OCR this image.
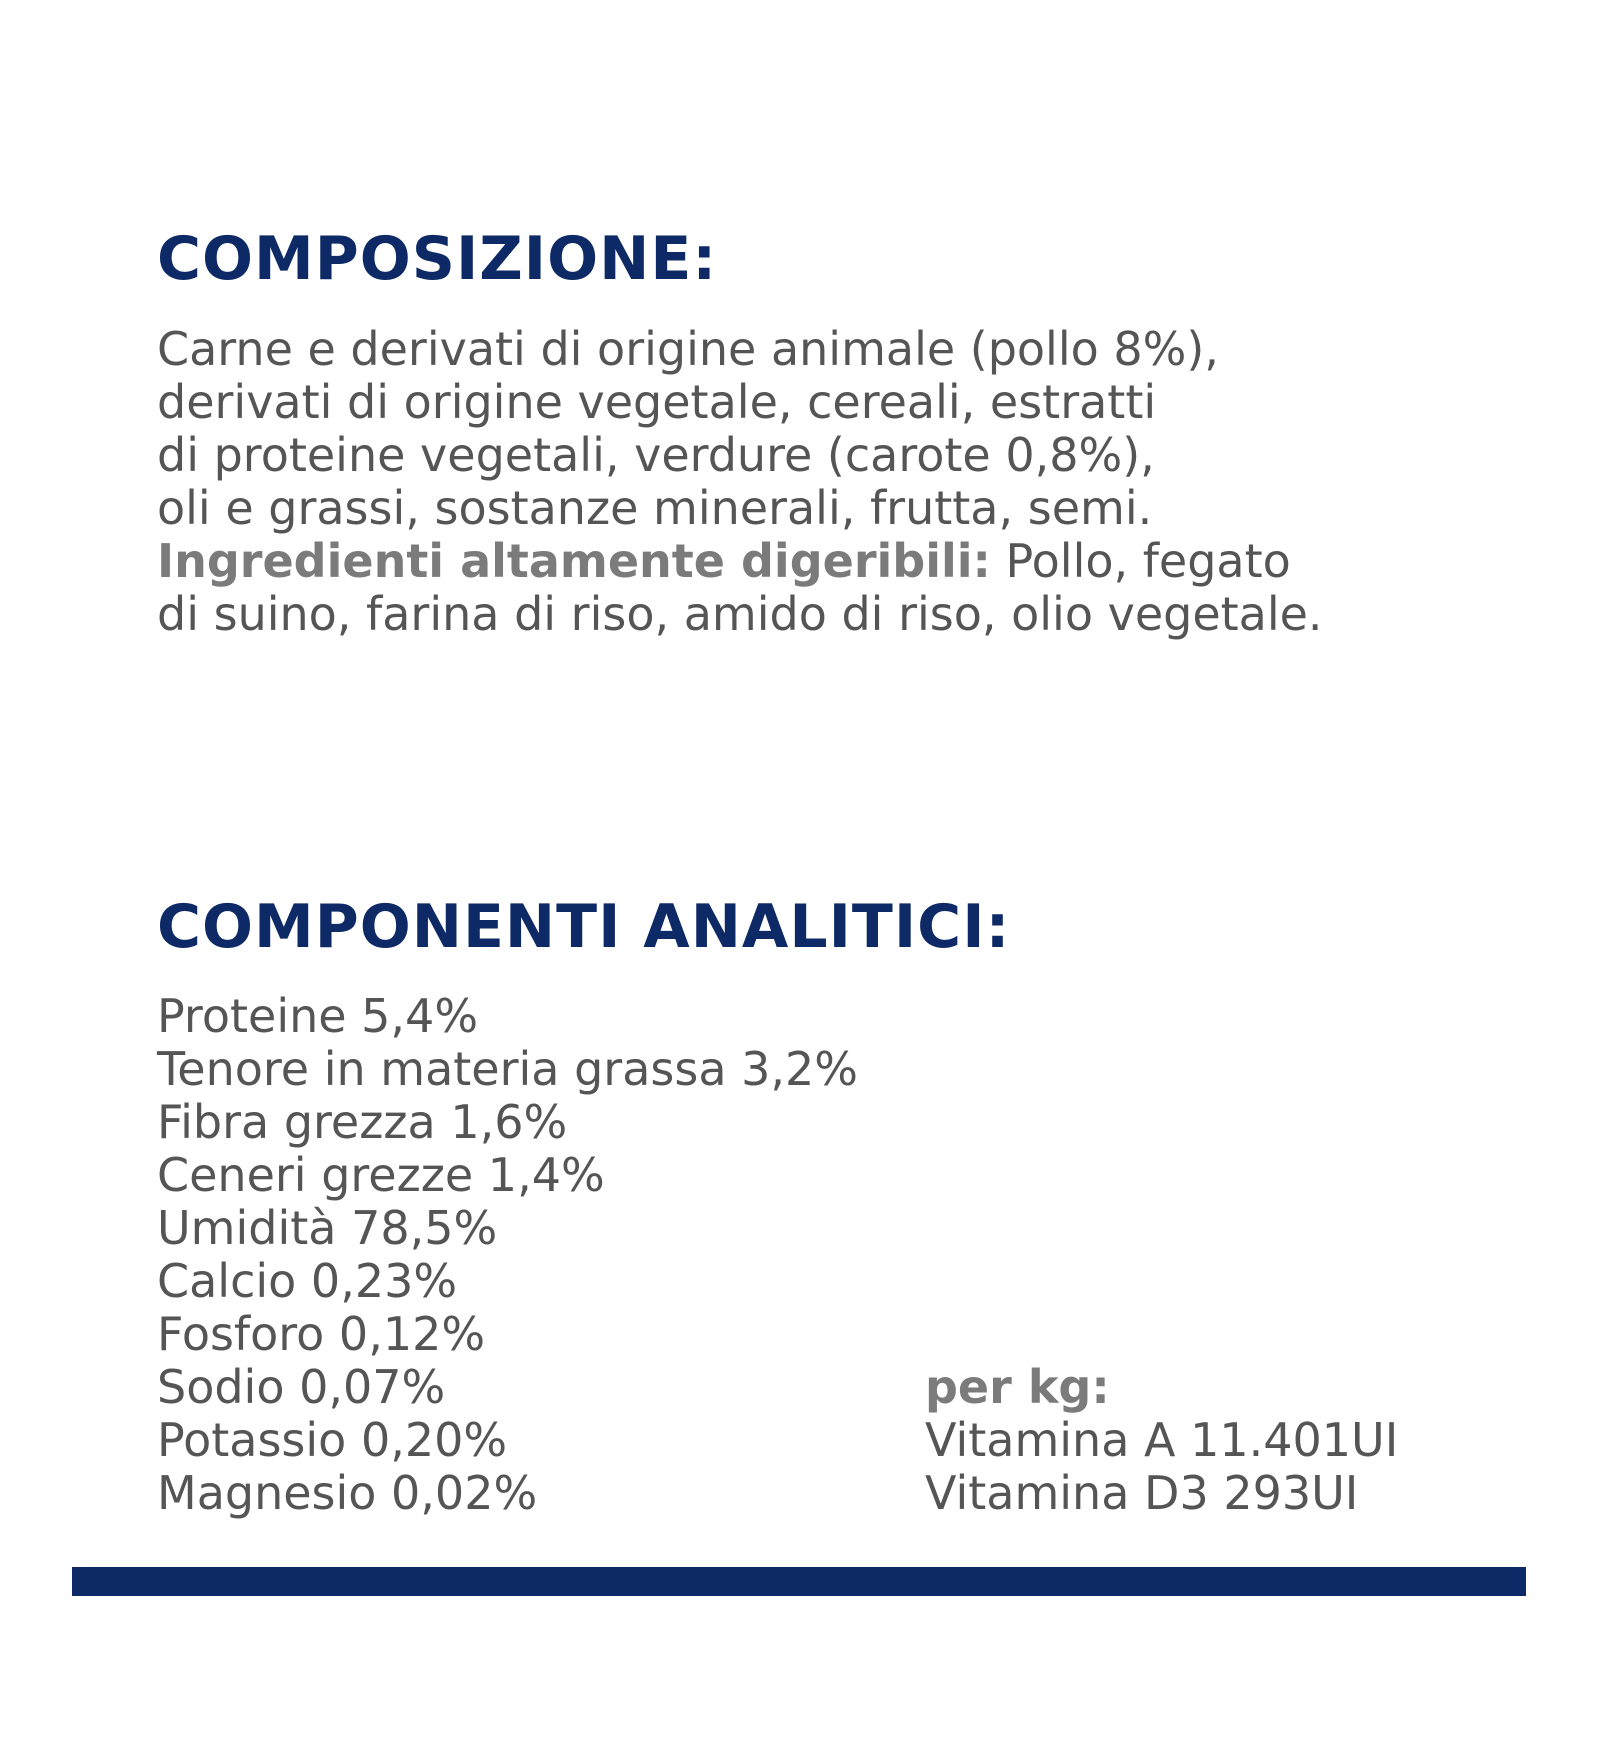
COMPOSIZIONE:
Carne e derivati di origine animale (pollo 8%),
derivati di origine vegetale, cereali, estratti
di proteine vegetali, verdure (carote 0,8%),
oli e grassi, sostanze minerali, frutta, semi.
Ingredienti altamente digeribili: Pollo, fegato
di suino, farina di riso, amido di riso, olio vegetale.
COMPONENTI ANALITICI:
Proteine 5,4%
Tenore in materia grassa 3,2%
Fibra grezza 1,6%
Ceneri grezze 1,4%
Umidità 78,5%
Calcio 0,23%
Fosforo 0,12%
Sodio 0,07%
Potassio 0,20%
Magnesio 0,02%
per kg:
Vitamina A 11.401UI
Vitamina D3 293UI
